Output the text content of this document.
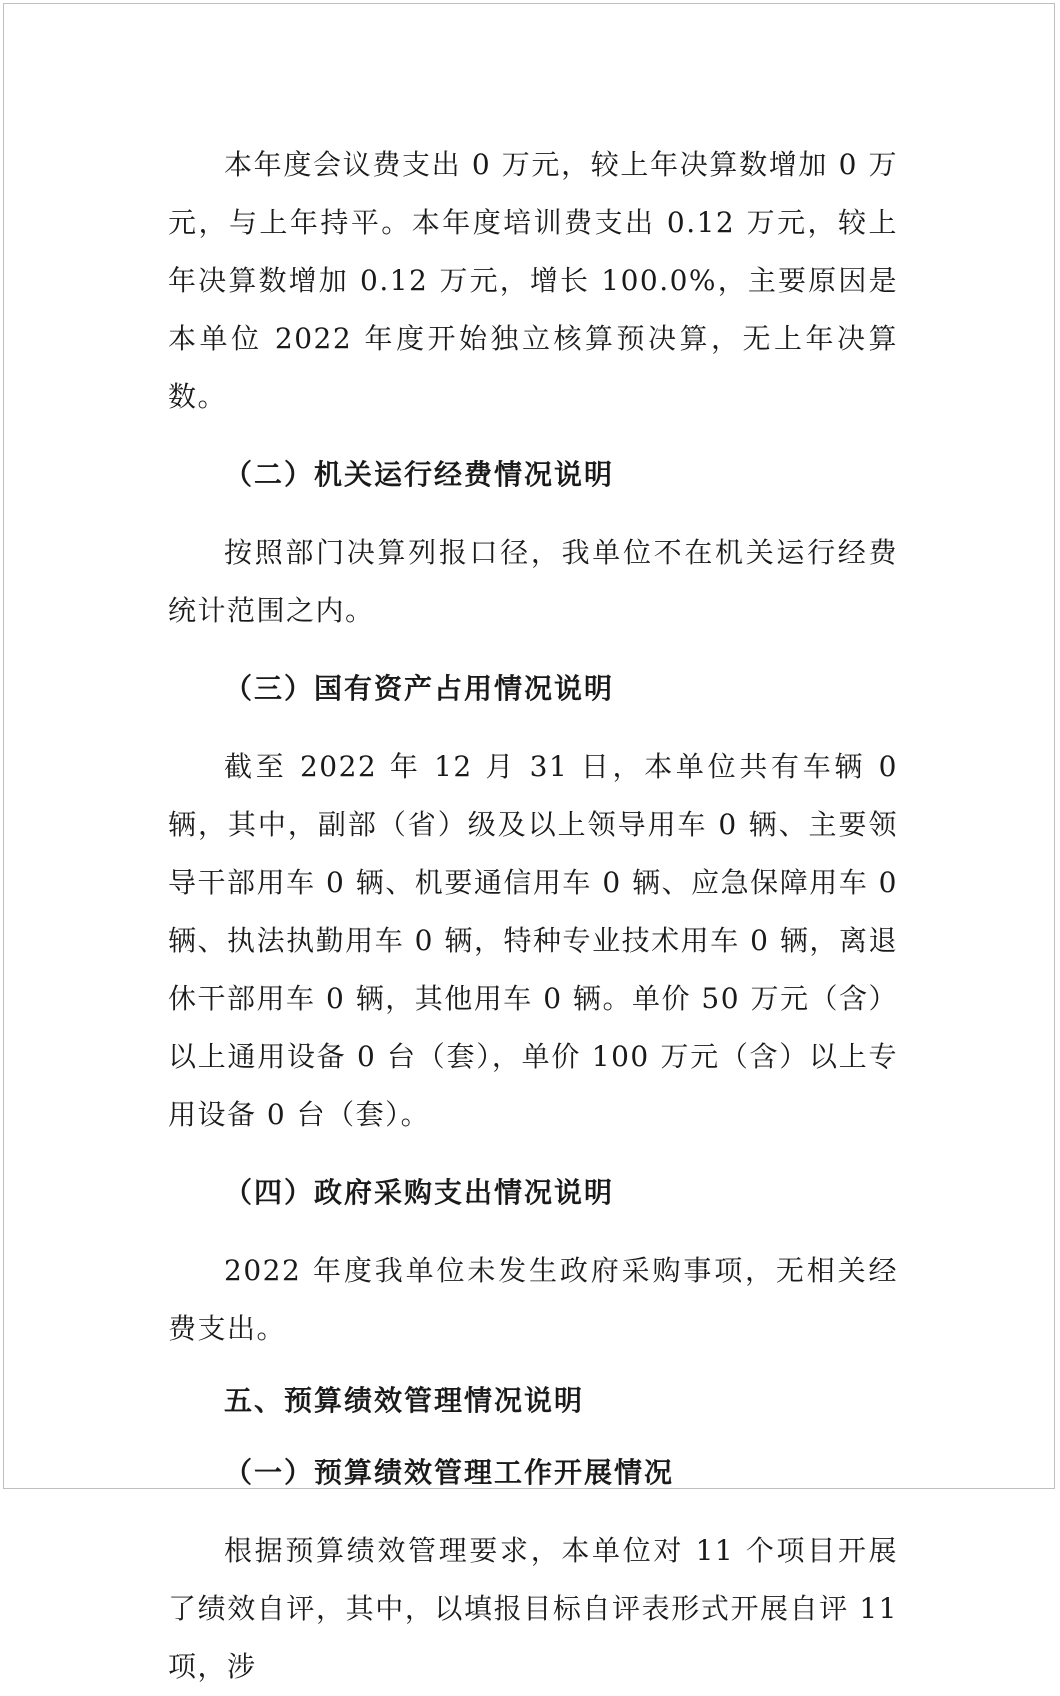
本年度会议费支出 0 万元，较上年决算数增加 0 万元，与上年持平。本年度培训费支出 0.12 万元，较上年决算数增加 0.12 万元，增长 100.0%，主要原因是本单位 2022 年度开始独立核算预决算，无上年决算数。

（二）机关运行经费情况说明

按照部门决算列报口径，我单位不在机关运行经费统计范围之内。

（三）国有资产占用情况说明

截至 2022 年 12 月 31 日，本单位共有车辆 0 辆，其中，副部（省）级及以上领导用车 0 辆、主要领导干部用车 0 辆、机要通信用车 0 辆、应急保障用车 0 辆、执法执勤用车 0 辆，特种专业技术用车 0 辆，离退休干部用车 0 辆，其他用车 0 辆。单价 50 万元（含）以上通用设备 0 台（套），单价 100 万元（含）以上专用设备 0 台（套）。

（四）政府采购支出情况说明

2022 年度我单位未发生政府采购事项，无相关经费支出。

五、预算绩效管理情况说明
（一）预算绩效管理工作开展情况

根据预算绩效管理要求，本单位对 11 个项目开展了绩效自评，其中，以填报目标自评表形式开展自评 11 项，涉
